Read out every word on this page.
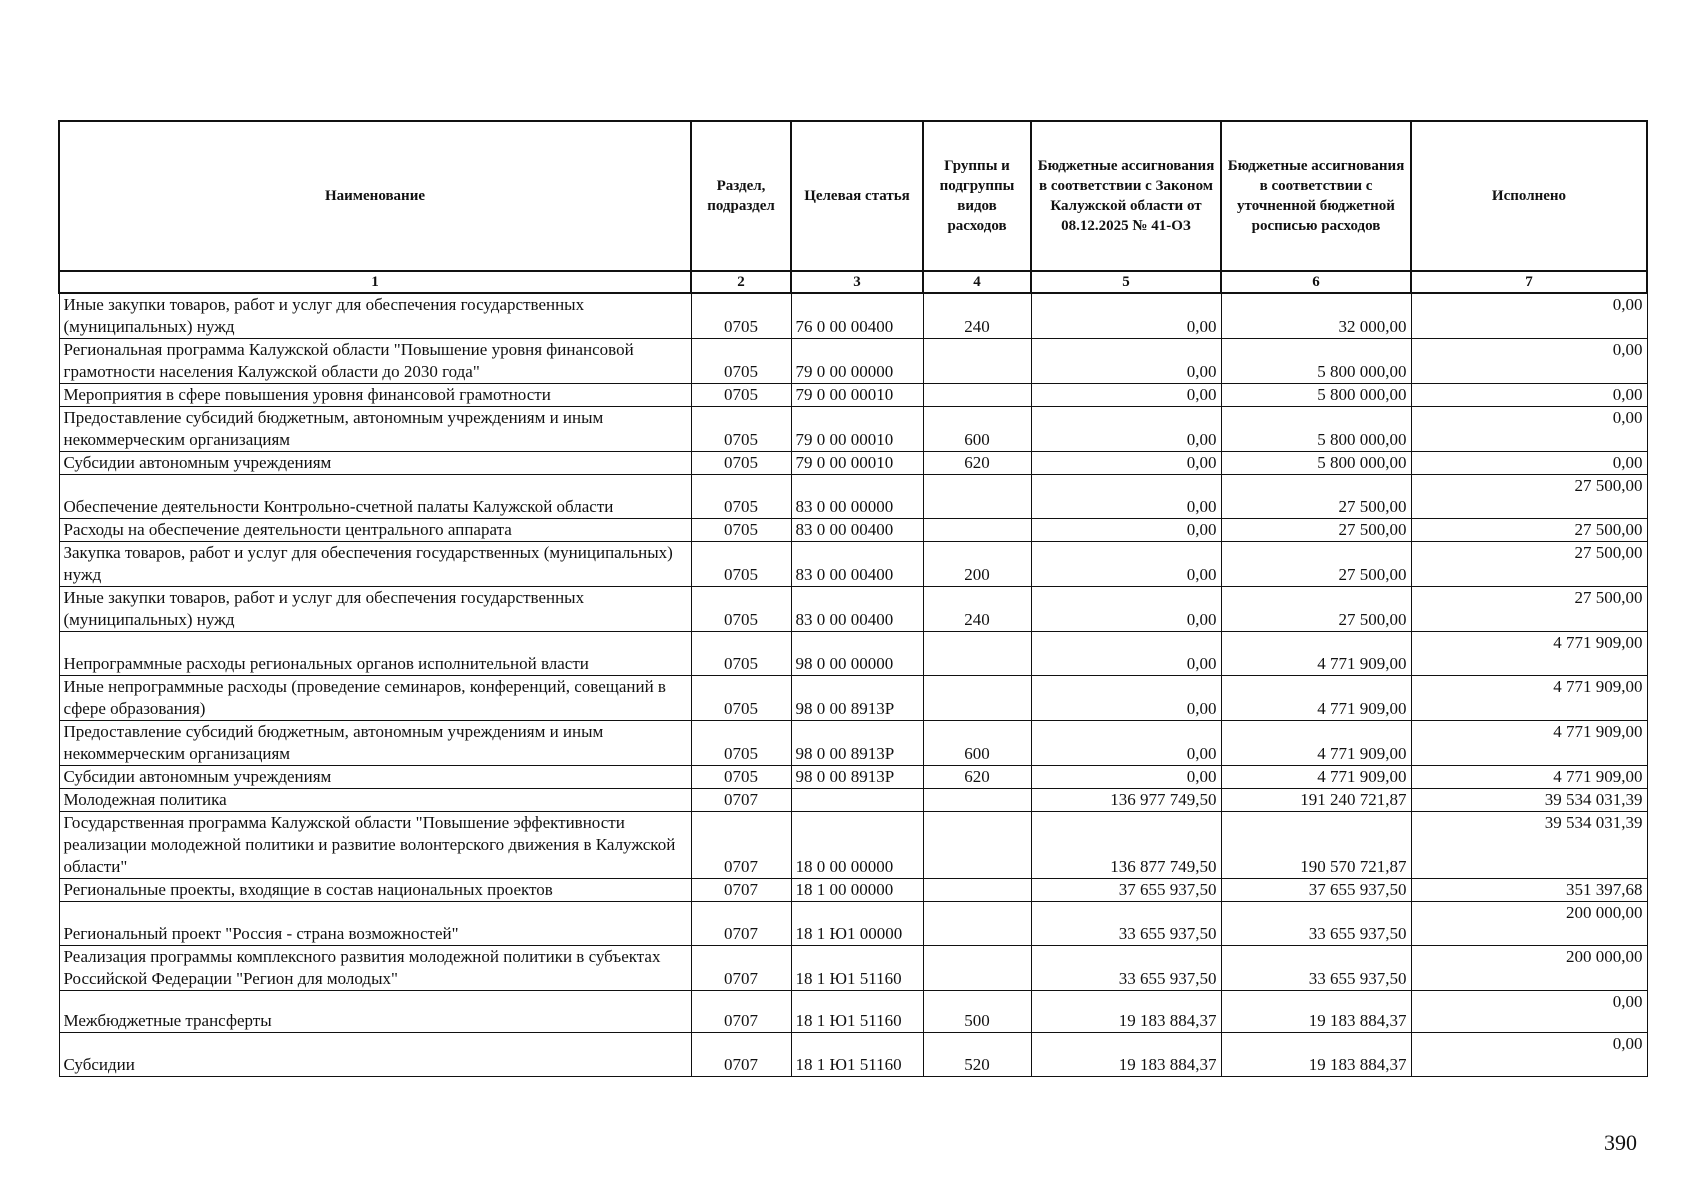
Наименование	Раздел, подраздел	Целевая статья	Группы и подгруппы видов расходов	Бюджетные ассигнования в соответствии с Законом Калужской области от 08.12.2025 № 41-ОЗ	Бюджетные ассигнования в соответствии с уточненной бюджетной росписью расходов	Исполнено
1	2	3	4	5	6	7
Иные закупки товаров, работ и услуг для обеспечения государственных (муниципальных) нужд	0705	76 0 00 00400	240	0,00	32 000,00	0,00
Региональная программа Калужской области "Повышение уровня финансовой грамотности населения Калужской области до 2030 года"	0705	79 0 00 00000		0,00	5 800 000,00	0,00
Мероприятия в сфере повышения уровня финансовой грамотности	0705	79 0 00 00010		0,00	5 800 000,00	0,00
Предоставление субсидий бюджетным, автономным учреждениям и иным некоммерческим организациям	0705	79 0 00 00010	600	0,00	5 800 000,00	0,00
Субсидии автономным учреждениям	0705	79 0 00 00010	620	0,00	5 800 000,00	0,00
Обеспечение деятельности Контрольно-счетной палаты Калужской области	0705	83 0 00 00000		0,00	27 500,00	27 500,00
Расходы на обеспечение деятельности центрального аппарата	0705	83 0 00 00400		0,00	27 500,00	27 500,00
Закупка товаров, работ и услуг для обеспечения государственных (муниципальных) нужд	0705	83 0 00 00400	200	0,00	27 500,00	27 500,00
Иные закупки товаров, работ и услуг для обеспечения государственных (муниципальных) нужд	0705	83 0 00 00400	240	0,00	27 500,00	27 500,00
Непрограммные расходы региональных органов исполнительной власти	0705	98 0 00 00000		0,00	4 771 909,00	4 771 909,00
Иные непрограммные расходы (проведение семинаров, конференций, совещаний в сфере образования)	0705	98 0 00 8913Р		0,00	4 771 909,00	4 771 909,00
Предоставление субсидий бюджетным, автономным учреждениям и иным некоммерческим организациям	0705	98 0 00 8913Р	600	0,00	4 771 909,00	4 771 909,00
Субсидии автономным учреждениям	0705	98 0 00 8913Р	620	0,00	4 771 909,00	4 771 909,00
Молодежная политика	0707			136 977 749,50	191 240 721,87	39 534 031,39
Государственная программа Калужской области "Повышение эффективности реализации молодежной политики и развитие волонтерского движения в Калужской области"	0707	18 0 00 00000		136 877 749,50	190 570 721,87	39 534 031,39
Региональные проекты, входящие в состав национальных проектов	0707	18 1 00 00000		37 655 937,50	37 655 937,50	351 397,68
Региональный проект "Россия - страна возможностей"	0707	18 1 Ю1 00000		33 655 937,50	33 655 937,50	200 000,00
Реализация программы комплексного развития молодежной политики в субъектах Российской Федерации "Регион для молодых"	0707	18 1 Ю1 51160		33 655 937,50	33 655 937,50	200 000,00
Межбюджетные трансферты	0707	18 1 Ю1 51160	500	19 183 884,37	19 183 884,37	0,00
Субсидии	0707	18 1 Ю1 51160	520	19 183 884,37	19 183 884,37	0,00
390
